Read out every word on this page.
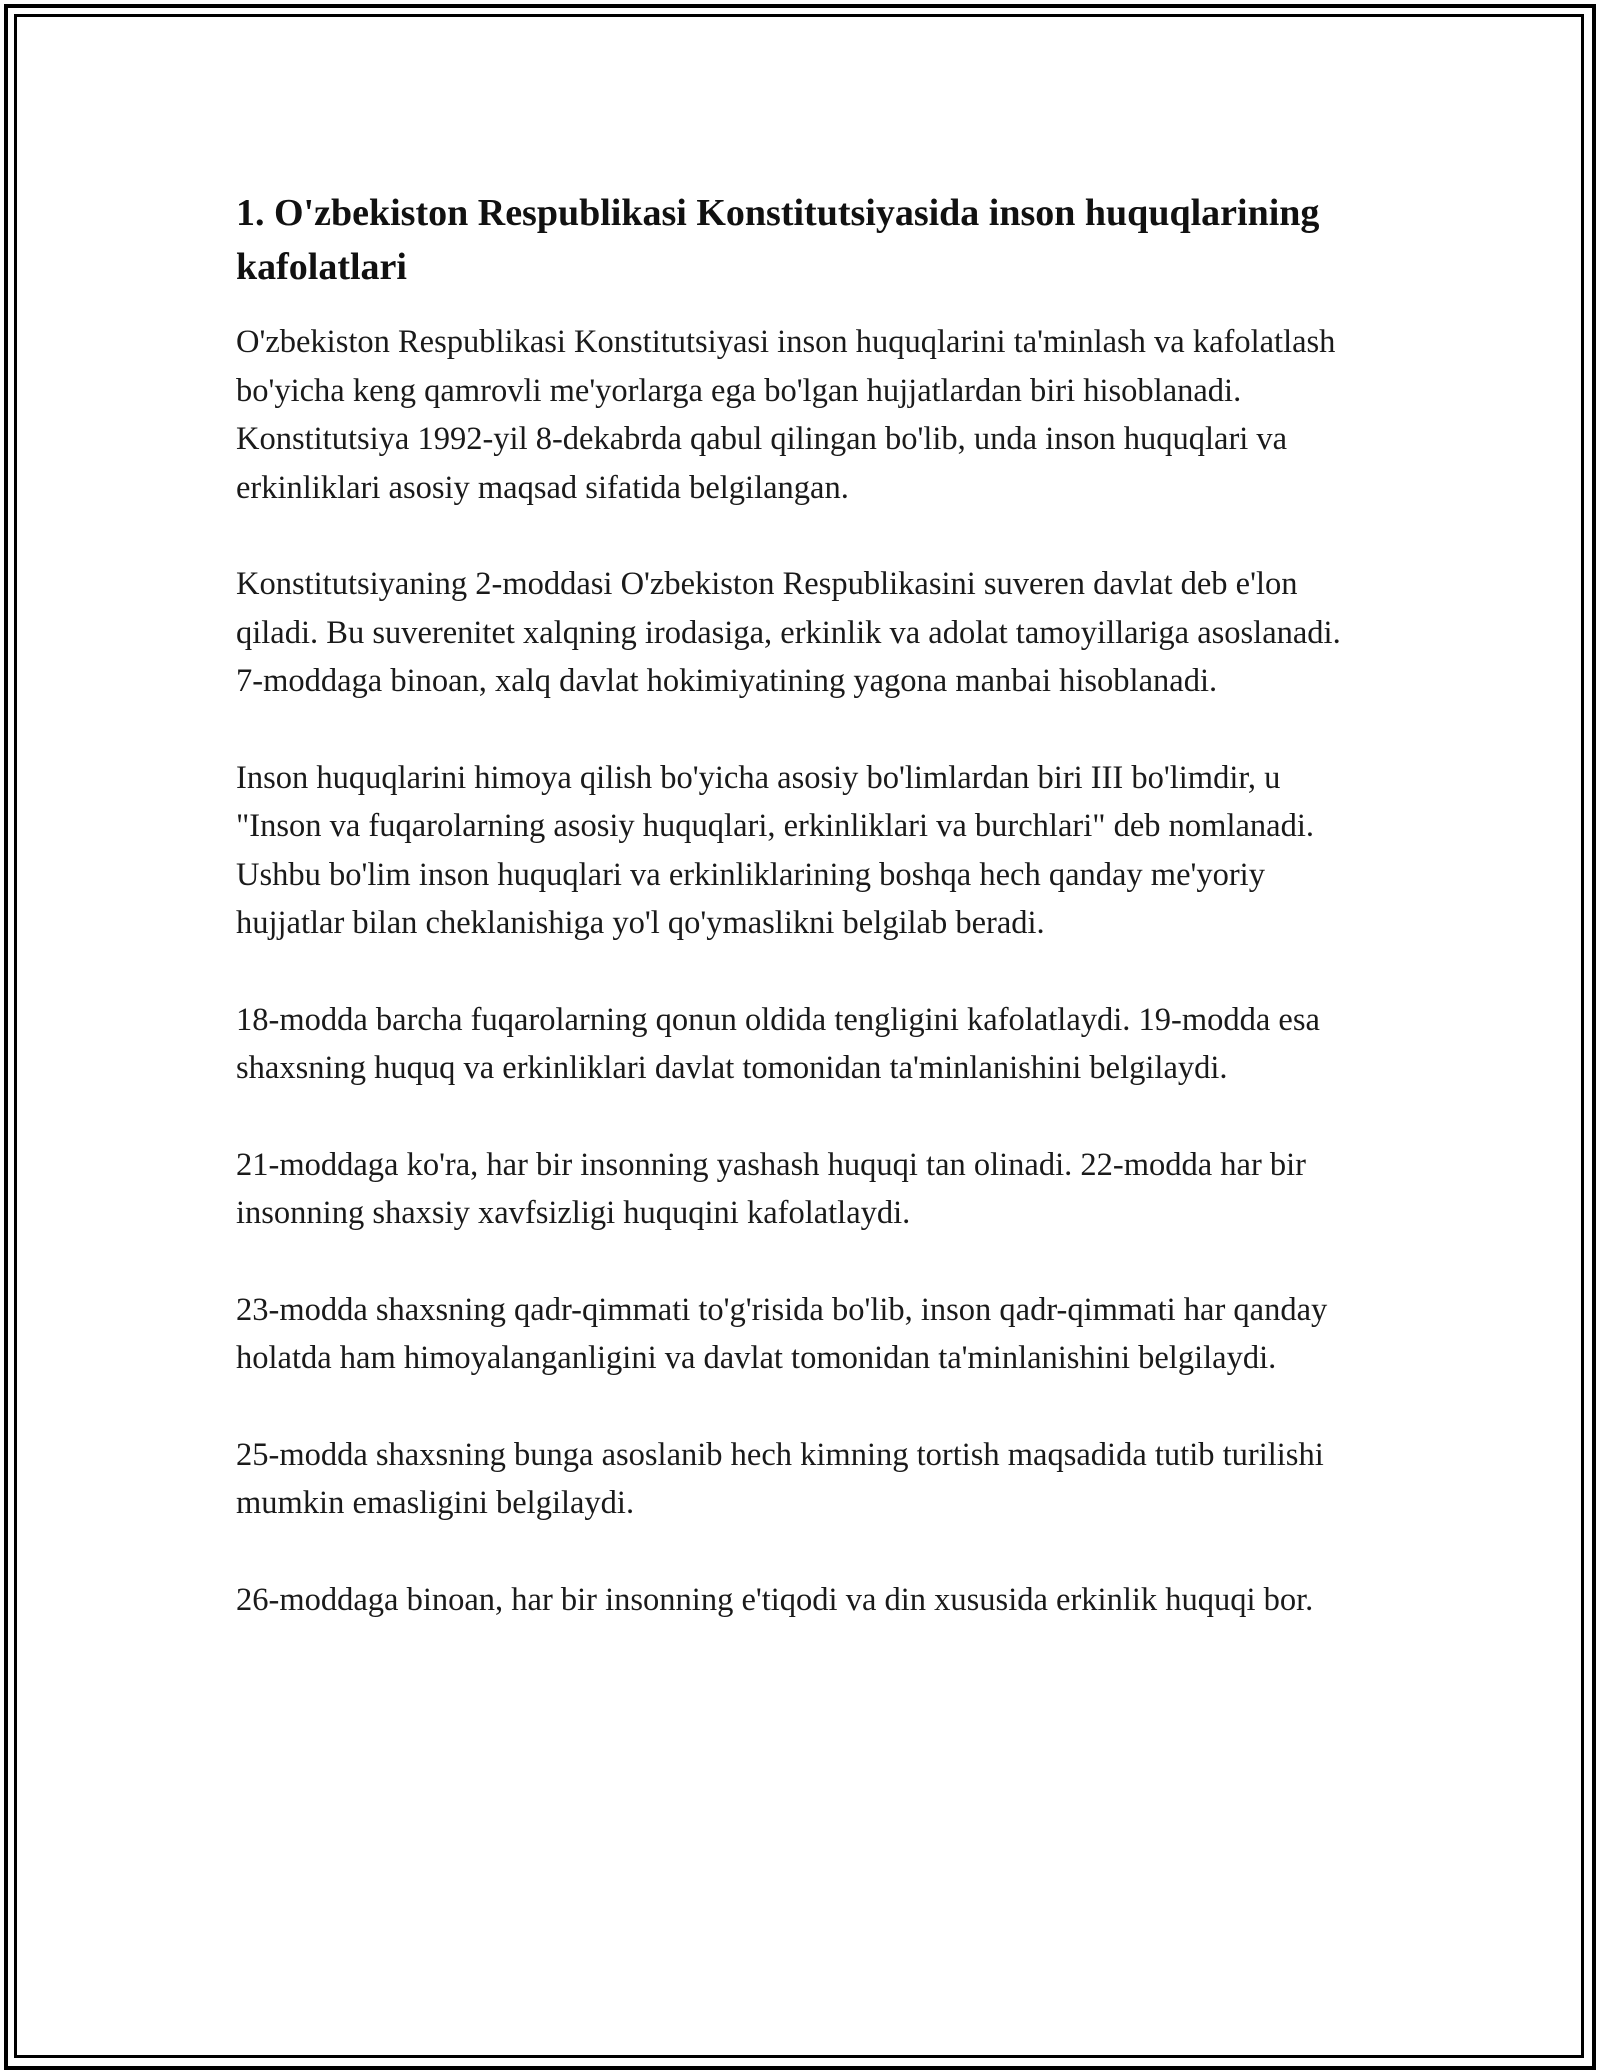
1. O'zbekiston Respublikasi Konstitutsiyasida inson huquqlarining kafolatlari

O'zbekiston Respublikasi Konstitutsiyasi inson huquqlarini ta'minlash va kafolatlash bo'yicha keng qamrovli me'yorlarga ega bo'lgan hujjatlardan biri hisoblanadi. Konstitutsiya 1992-yil 8-dekabrda qabul qilingan bo'lib, unda inson huquqlari va erkinliklari asosiy maqsad sifatida belgilangan.

Konstitutsiyaning 2-moddasi O'zbekiston Respublikasini suveren davlat deb e'lon qiladi. Bu suverenitet xalqning irodasiga, erkinlik va adolat tamoyillariga asoslanadi. 7-moddaga binoan, xalq davlat hokimiyatining yagona manbai hisoblanadi.

Inson huquqlarini himoya qilish bo'yicha asosiy bo'limlardan biri III bo'limdir, u "Inson va fuqarolarning asosiy huquqlari, erkinliklari va burchlari" deb nomlanadi. Ushbu bo'lim inson huquqlari va erkinliklarining boshqa hech qanday me'yoriy hujjatlar bilan cheklanishiga yo'l qo'ymaslikni belgilab beradi.

18-modda barcha fuqarolarning qonun oldida tengligini kafolatlaydi. 19-modda esa shaxsning huquq va erkinliklari davlat tomonidan ta'minlanishini belgilaydi.

21-moddaga ko'ra, har bir insonning yashash huquqi tan olinadi. 22-modda har bir insonning shaxsiy xavfsizligi huquqini kafolatlaydi.

23-modda shaxsning qadr-qimmati to'g'risida bo'lib, inson qadr-qimmati har qanday holatda ham himoyalanganligini va davlat tomonidan ta'minlanishini belgilaydi.

25-modda shaxsning bunga asoslanib hech kimning tortish maqsadida tutib turilishi mumkin emasligini belgilaydi.

26-moddaga binoan, har bir insonning e'tiqodi va din xususida erkinlik huquqi bor.
